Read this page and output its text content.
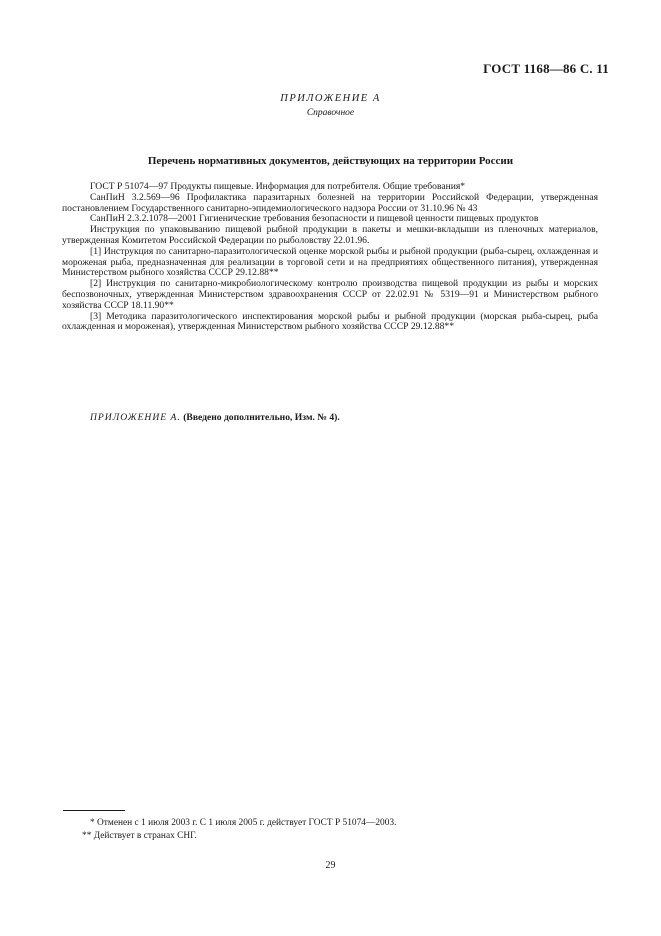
ГОСТ 1168—86 С. 11
ПРИЛОЖЕНИЕ А
Справочное
Перечень нормативных документов, действующих на территории России

ГОСТ Р 51074—97 Продукты пищевые. Информация для потребителя. Общие требования*

СанПиН 3.2.569—96 Профилактика паразитарных болезней на территории Российской Федерации, утвержденная постановлением Государственного санитарно-эпидемиологического надзора России от 31.10.96 № 43

СанПиН 2.3.2.1078—2001 Гигиенические требования безопасности и пищевой ценности пищевых продуктов

Инструкция по упаковыванию пищевой рыбной продукции в пакеты и мешки-вкладыши из пленочных материалов, утвержденная Комитетом Российской Федерации по рыболовству 22.01.96.

[1] Инструкция по санитарно-паразитологической оценке морской рыбы и рыбной продукции (рыба-сырец, охлажденная и мороженая рыба, предназначенная для реализации в торговой сети и на предприятиях общественного питания), утвержденная Министерством рыбного хозяйства СССР 29.12.88**

[2] Инструкция по санитарно-микробиологическому контролю производства пищевой продукции из рыбы и морских беспозвоночных, утвержденная Министерством здравоохранения СССР от 22.02.91 № 5319—91 и Министерством рыбного хозяйства СССР 18.11.90**

[3] Методика паразитологического инспектирования морской рыбы и рыбной продукции (морская рыба-сырец, рыба охлажденная и мороженая), утвержденная Министерством рыбного хозяйства СССР 29.12.88**

ПРИЛОЖЕНИЕ А. (Введено дополнительно, Изм. № 4).

* Отменен с 1 июля 2003 г. С 1 июля 2005 г. действует ГОСТ Р 51074—2003.

** Действует в странах СНГ.

29
